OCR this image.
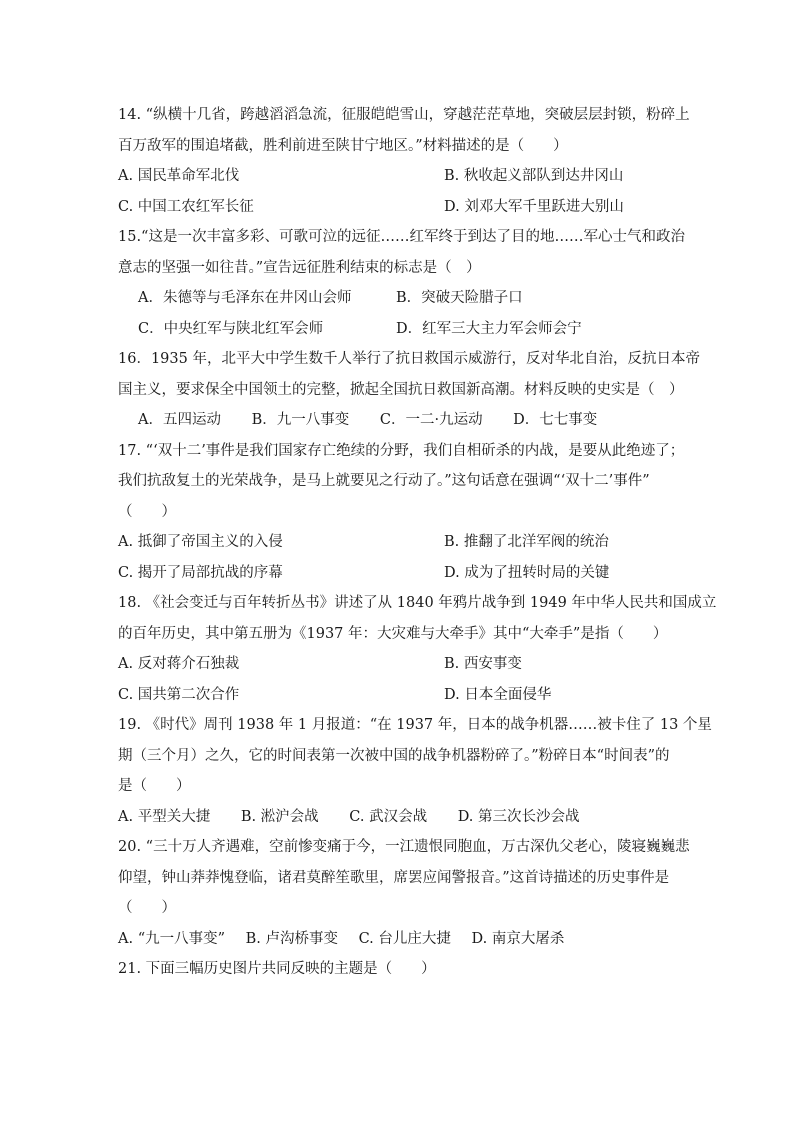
14. “纵横十几省，跨越滔滔急流，征服皑皑雪山，穿越茫茫草地，突破层层封锁，粉碎上
百万敌军的围追堵截，胜利前进至陕甘宁地区。”材料描述的是（　　）
A. 国民革命军北伐	B. 秋收起义部队到达井冈山
C. 中国工农红军长征	D. 刘邓大军千里跃进大别山
15.“这是一次丰富多彩、可歌可泣的远征……红军终于到达了目的地……军心士气和政治
意志的坚强一如往昔。”宣告远征胜利结束的标志是（　）
A．朱德等与毛泽东在井冈山会师	B．突破天险腊子口
C．中央红军与陕北红军会师	D．红军三大主力军会师会宁
16．1935 年，北平大中学生数千人举行了抗日救国示威游行，反对华北自治，反抗日本帝
国主义，要求保全中国领土的完整，掀起全国抗日救国新高潮。材料反映的史实是（　）
A．五四运动 B．九一八事变 C．一二·九运动 D．七七事变
17. “‘双十二’事件是我们国家存亡绝续的分野，我们自相斫杀的内战，是要从此绝迹了；
我们抗敌复土的光荣战争，是马上就要见之行动了。”这句话意在强调“‘双十二’事件”
（　　）
A. 抵御了帝国主义的入侵	B. 推翻了北洋军阀的统治
C. 揭开了局部抗战的序幕	D. 成为了扭转时局的关键
18. 《社会变迁与百年转折丛书》讲述了从 1840 年鸦片战争到 1949 年中华人民共和国成立
的百年历史，其中第五册为《1937 年：大灾难与大牵手》其中“大牵手”是指（　　）
A. 反对蒋介石独裁	B. 西安事变
C. 国共第二次合作	D. 日本全面侵华
19. 《时代》周刊 1938 年 1 月报道：“在 1937 年，日本的战争机器……被卡住了 13 个星
期（三个月）之久，它的时间表第一次被中国的战争机器粉碎了。”粉碎日本“时间表”的
是（　　）
A. 平型关大捷 B. 淞沪会战 C. 武汉会战 D. 第三次长沙会战
20. “三十万人齐遇难，空前惨变痛于今，一江遗恨同胞血，万古深仇父老心，陵寝巍巍悲
仰望，钟山莽莽愧登临，诸君莫醉笙歌里，席罢应闻警报音。”这首诗描述的历史事件是
（　　）
A. “九一八事变” B. 卢沟桥事变 C. 台儿庄大捷 D. 南京大屠杀
21. 下面三幅历史图片共同反映的主题是（　　）
